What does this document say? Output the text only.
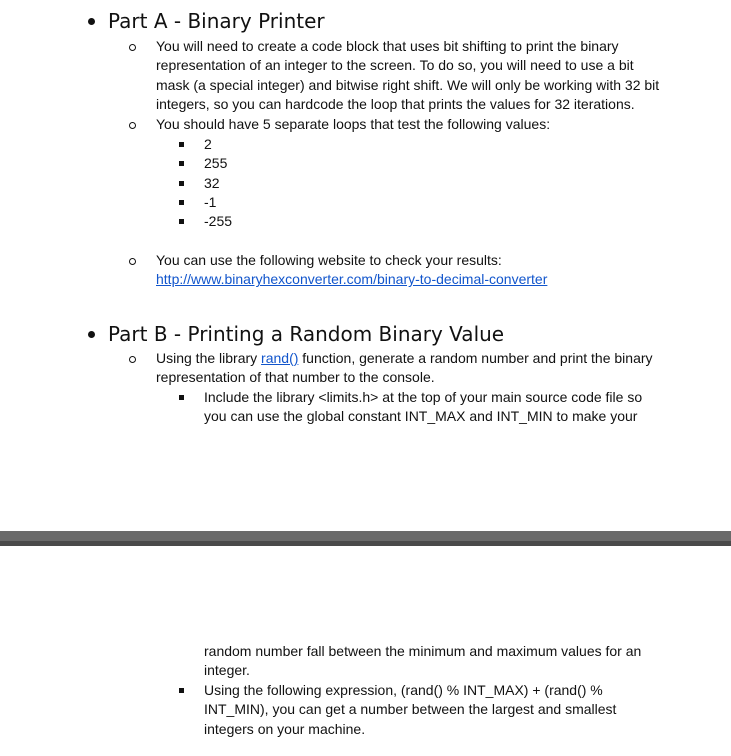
Part A - Binary Printer
You will need to create a code block that uses bit shifting to print the binary
representation of an integer to the screen. To do so, you will need to use a bit
mask (a special integer) and bitwise right shift. We will only be working with 32 bit
integers, so you can hardcode the loop that prints the values for 32 iterations.
You should have 5 separate loops that test the following values:
2
255
32
-1
-255
You can use the following website to check your results:
http://www.binaryhexconverter.com/binary-to-decimal-converter
Part B - Printing a Random Binary Value
Using the library rand() function, generate a random number and print the binary
representation of that number to the console.
Include the library <limits.h> at the top of your main source code file so
you can use the global constant INT_MAX and INT_MIN to make your
random number fall between the minimum and maximum values for an
integer.
Using the following expression, (rand() % INT_MAX) + (rand() %
INT_MIN), you can get a number between the largest and smallest
integers on your machine.
